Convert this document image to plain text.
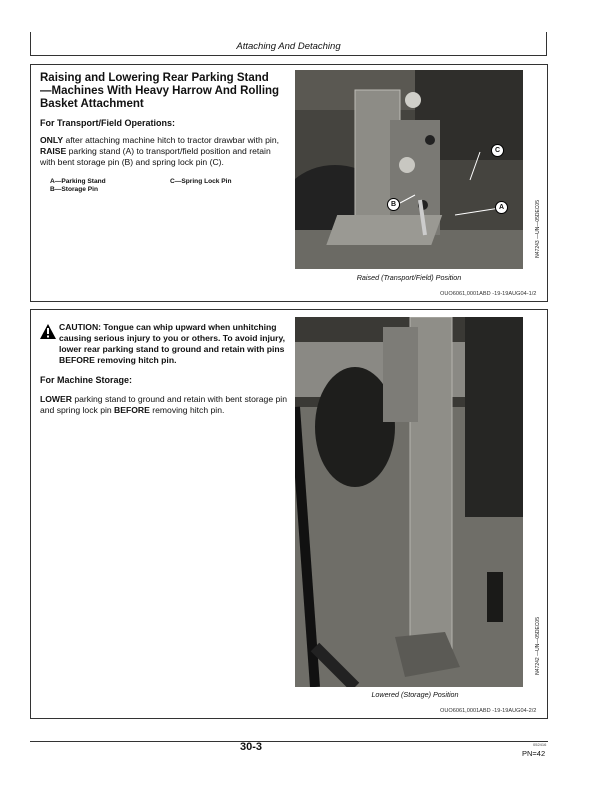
Attaching And Detaching
Raising and Lowering Rear Parking Stand—Machines With Heavy Harrow And Rolling Basket Attachment
For Transport/Field Operations:
ONLY after attaching machine hitch to tractor drawbar with pin, RAISE parking stand (A) to transport/field position and retain with bent storage pin (B) and spring lock pin (C).
A—Parking Stand
B—Storage Pin
C—Spring Lock Pin
C
A
B	N47243 —UN—05DEC05
Raised (Transport/Field) Position
OUO6061,0001ABD -19-19AUG04-1/2
CAUTION: Tongue can whip upward when unhitching causing serious injury to you or others. To avoid injury, lower rear parking stand to ground and retain with pins BEFORE removing hitch pin.
For Machine Storage:
LOWER parking stand to ground and retain with bent storage pin and spring lock pin BEFORE removing hitch pin.
N47242 —UN—05DEC05
Lowered (Storage) Position
OUO6061,0001ABD -19-19AUG04-2/2
30-3	052416
PN=42
